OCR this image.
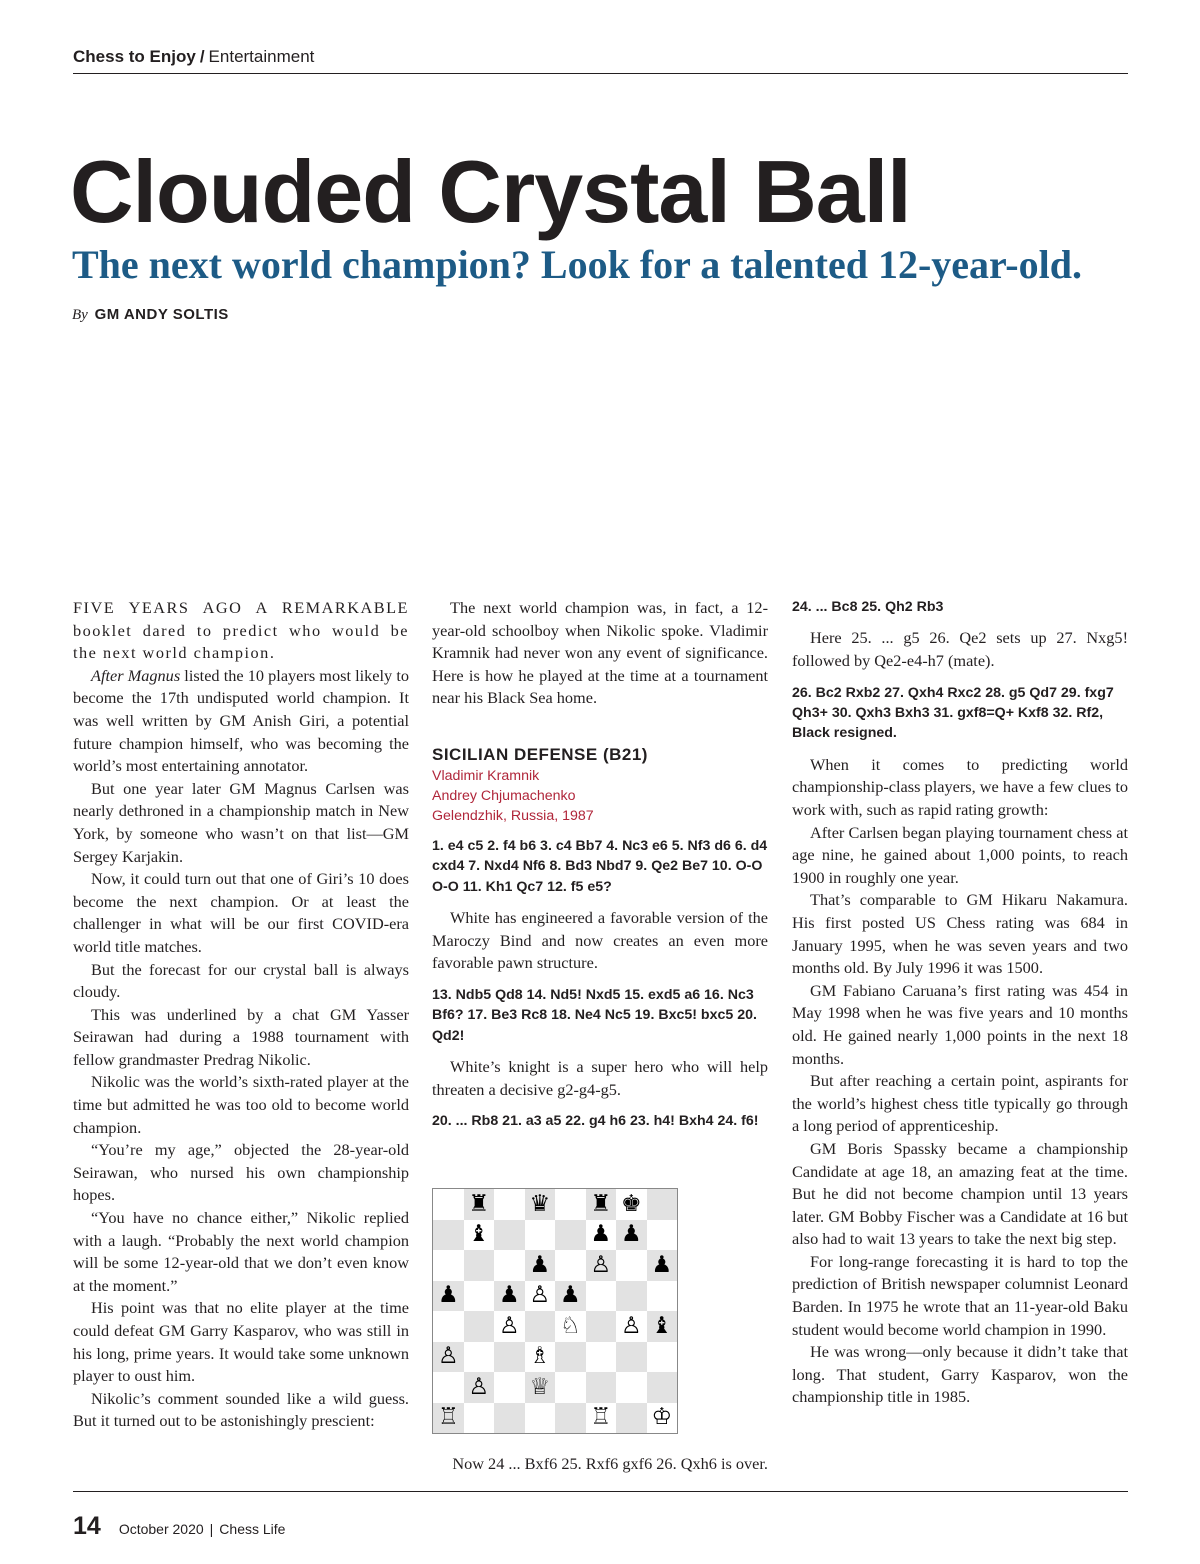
Chess to Enjoy / Entertainment
Clouded Crystal Ball
The next world champion? Look for a talented 12-year-old.
By GM ANDY SOLTIS

FIVE YEARS AGO A REMARKABLE booklet dared to predict who would be the next world champion.

After Magnus listed the 10 players most likely to become the 17th undisputed world champion. It was well written by GM Anish Giri, a potential future champion himself, who was becoming the world’s most entertaining annotator.

But one year later GM Magnus Carlsen was nearly dethroned in a championship match in New York, by someone who wasn’t on that list—GM Sergey Karjakin.

Now, it could turn out that one of Giri’s 10 does become the next champion. Or at least the challenger in what will be our first COVID-era world title matches.

But the forecast for our crystal ball is always cloudy.

This was underlined by a chat GM Yasser Seirawan had during a 1988 tournament with fellow grandmaster Predrag Nikolic.

Nikolic was the world’s sixth-rated player at the time but admitted he was too old to become world champion.

“You’re my age,” objected the 28-year-old Seirawan, who nursed his own championship hopes.

“You have no chance either,” Nikolic replied with a laugh. “Probably the next world champion will be some 12-year-old that we don’t even know at the moment.”

His point was that no elite player at the time could defeat GM Garry Kasparov, who was still in his long, prime years. It would take some unknown player to oust him.

Nikolic’s comment sounded like a wild guess. But it turned out to be astonishingly prescient:

The next world champion was, in fact, a 12-year-old schoolboy when Nikolic spoke. Vladimir Kramnik had never won any event of significance. Here is how he played at the time at a tournament near his Black Sea home.

SICILIAN DEFENSE (B21)
Vladimir Kramnik
Andrey Chjumachenko
Gelendzhik, Russia, 1987

1. e4 c5 2. f4 b6 3. c4 Bb7 4. Nc3 e6 5. Nf3 d6 6. d4 cxd4 7. Nxd4 Nf6 8. Bd3 Nbd7 9. Qe2 Be7 10. O-O O-O 11. Kh1 Qc7 12. f5 e5?

White has engineered a favorable version of the Maroczy Bind and now creates an even more favorable pawn structure.

13. Ndb5 Qd8 14. Nd5! Nxd5 15. exd5 a6 16. Nc3 Bf6? 17. Be3 Rc8 18. Ne4 Nc5 19. Bxc5! bxc5 20. Qd2!

White’s knight is a super hero who will help threaten a decisive g2-g4-g5.

20. ... Rb8 21. a3 a5 22. g4 h6 23. h4! Bxh4 24. f6!

♜ ♛ ♜ ♚
♝	♟ ♟
♟ ♙ ♟
♟ ♟ ♙ ♟
♙ ♘ ♙ ♝
♙	♗
♙ ♕
♖	♖ ♔
Now 24 ... Bxf6 25. Rxf6 gxf6 26. Qxh6 is over.

24. ... Bc8 25. Qh2 Rb3

Here 25. ... g5 26. Qe2 sets up 27. Nxg5! followed by Qe2-e4-h7 (mate).

26. Bc2 Rxb2 27. Qxh4 Rxc2 28. g5 Qd7 29. fxg7 Qh3+ 30. Qxh3 Bxh3 31. gxf8=Q+ Kxf8 32. Rf2, Black resigned.

When it comes to predicting world championship-class players, we have a few clues to work with, such as rapid rating growth:

After Carlsen began playing tournament chess at age nine, he gained about 1,000 points, to reach 1900 in roughly one year.

That’s comparable to GM Hikaru Nakamura. His first posted US Chess rating was 684 in January 1995, when he was seven years and two months old. By July 1996 it was 1500.

GM Fabiano Caruana’s first rating was 454 in May 1998 when he was five years and 10 months old. He gained nearly 1,000 points in the next 18 months.

But after reaching a certain point, aspirants for the world’s highest chess title typically go through a long period of apprenticeship.

GM Boris Spassky became a championship Candidate at age 18, an amazing feat at the time. But he did not become champion until 13 years later. GM Bobby Fischer was a Candidate at 16 but also had to wait 13 years to take the next big step.

For long-range forecasting it is hard to top the prediction of British newspaper columnist Leonard Barden. In 1975 he wrote that an 11-year-old Baku student would become world champion in 1990.

He was wrong—only because it didn’t take that long. That student, Garry Kasparov, won the championship title in 1985.

14 October 2020 | Chess Life
